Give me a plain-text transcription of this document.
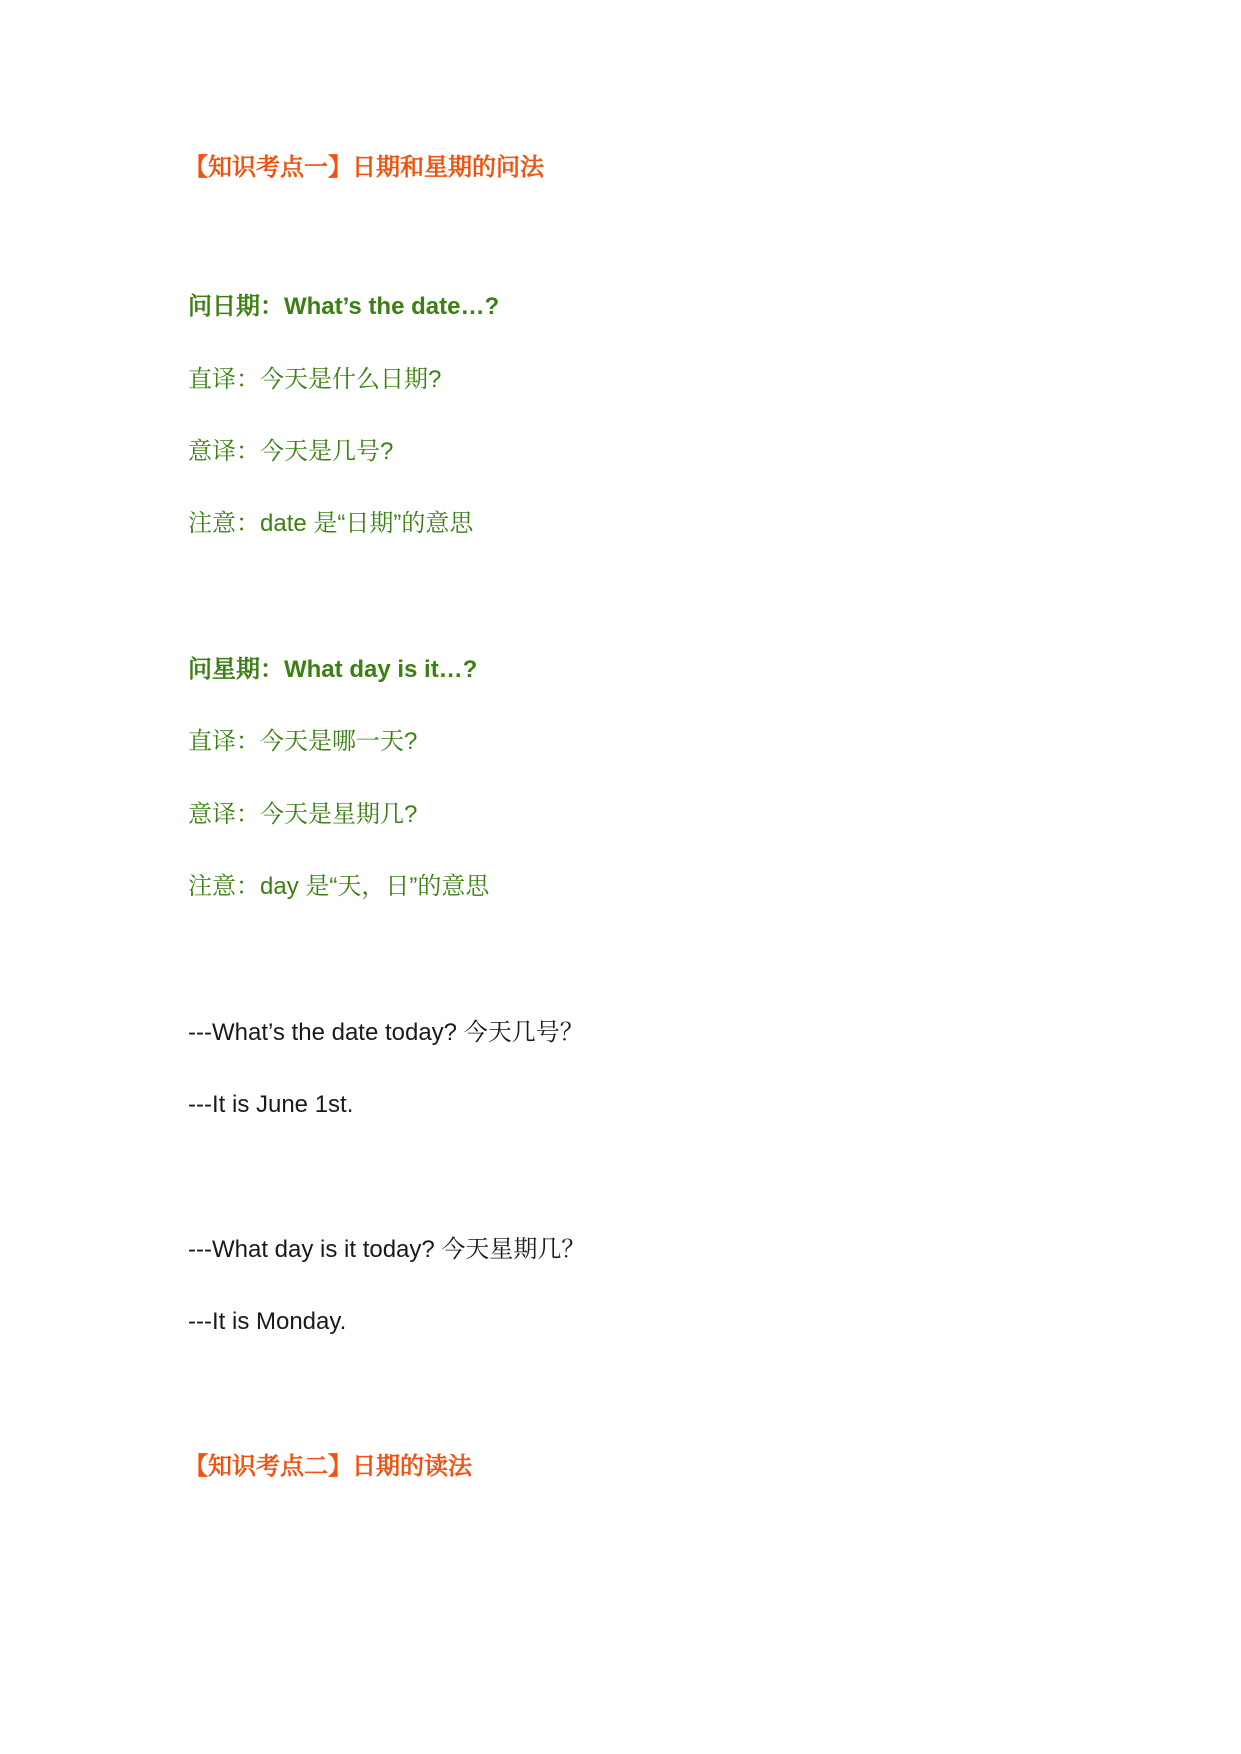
【知识考点一】日期和星期的问法
问日期：What’s the date…?
直译：今天是什么日期?
意译：今天是几号?
注意：date 是“日期”的意思
问星期：What day is it…?
直译：今天是哪一天?
意译：今天是星期几?
注意：day 是“天，日”的意思
---What’s the date today? 今天几号？
---It is June 1st.
---What day is it today? 今天星期几？
---It is Monday.
【知识考点二】日期的读法
